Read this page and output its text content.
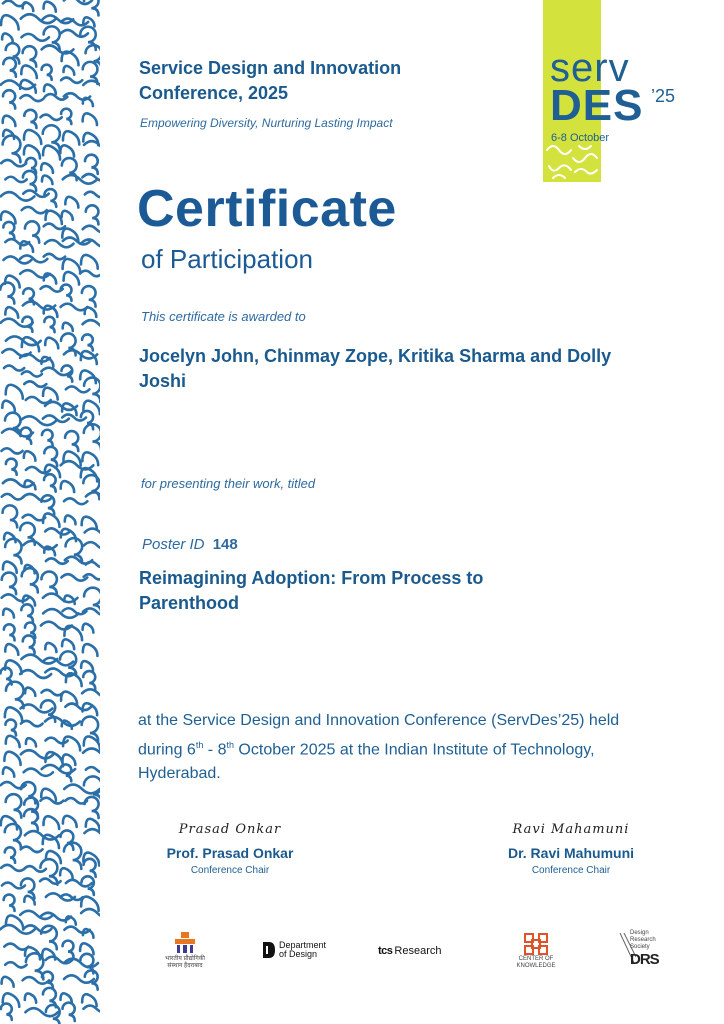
Service Design and Innovation Conference, 2025
Empowering Diversity, Nurturing Lasting Impact
serv
DES ’25
6-8 October
Certificate
of Participation
This certificate is awarded to
Jocelyn John, Chinmay Zope, Kritika Sharma and Dolly Joshi
for presenting their work, titled
Poster ID 148
Reimagining Adoption: From Process to Parenthood
at the Service Design and Innovation Conference (ServDes’25) held during 6th - 8th October 2025 at the Indian Institute of Technology, Hyderabad.
Prasad Onkar
Prof. Prasad Onkar
Conference Chair
Ravi Mahamuni
Dr. Ravi Mahumuni
Conference Chair
भारतीय प्रौद्योगिकी संस्थान हैदराबाद
Department
of Design	tcs Research
CENTER OF KNOWLEDGE
Design Research Society
DRS
